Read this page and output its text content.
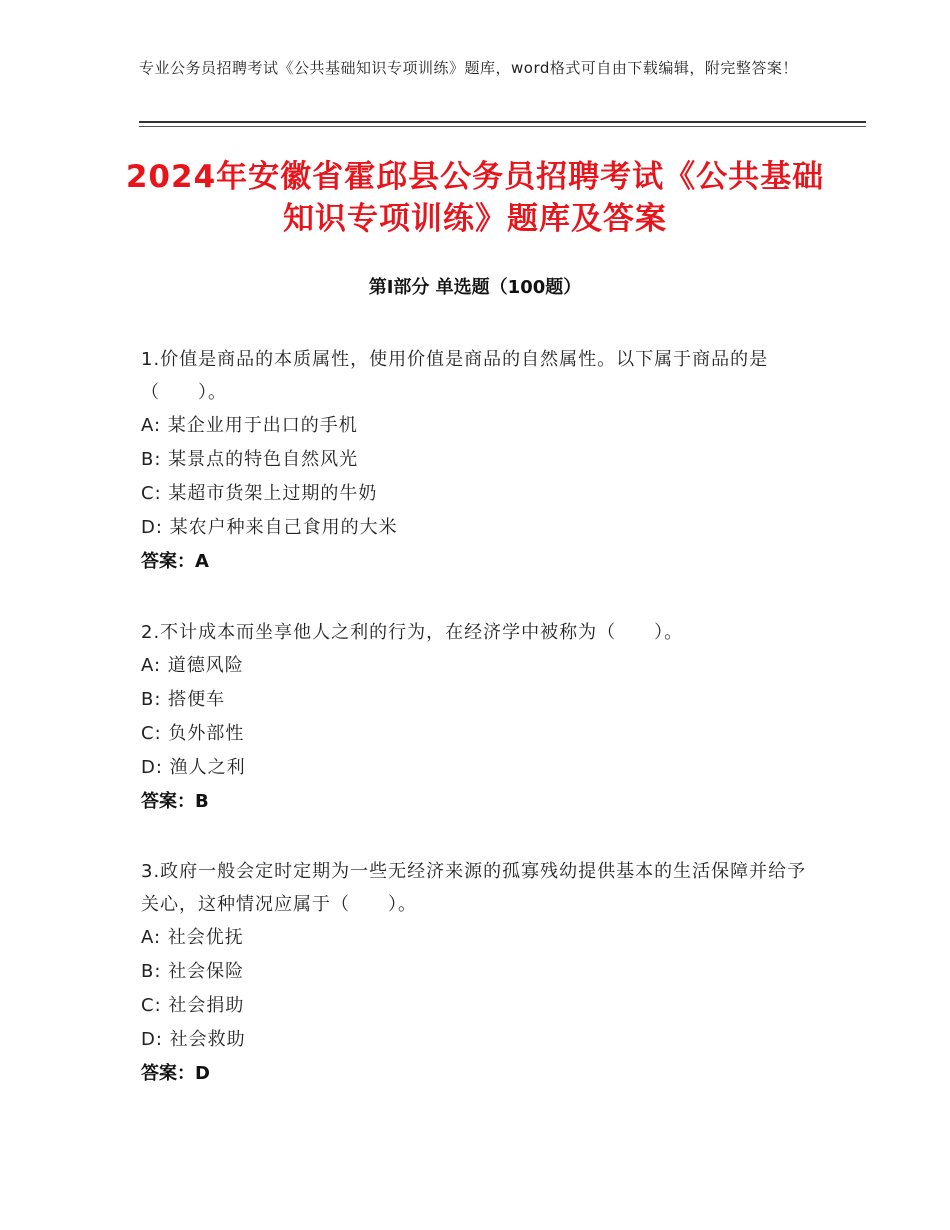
专业公务员招聘考试《公共基础知识专项训练》题库，word格式可自由下载编辑，附完整答案！
2024年安徽省霍邱县公务员招聘考试《公共基础知识专项训练》题库及答案
第Ⅰ部分 单选题（100题）

1.价值是商品的本质属性，使用价值是商品的自然属性。以下属于商品的是（　　）。

A: 某企业用于出口的手机

B: 某景点的特色自然风光

C: 某超市货架上过期的牛奶

D: 某农户种来自己食用的大米

答案：A

2.不计成本而坐享他人之利的行为，在经济学中被称为（　　）。

A: 道德风险

B: 搭便车

C: 负外部性

D: 渔人之利

答案：B

3.政府一般会定时定期为一些无经济来源的孤寡残幼提供基本的生活保障并给予关心，这种情况应属于（　　）。

A: 社会优抚

B: 社会保险

C: 社会捐助

D: 社会救助

答案：D
